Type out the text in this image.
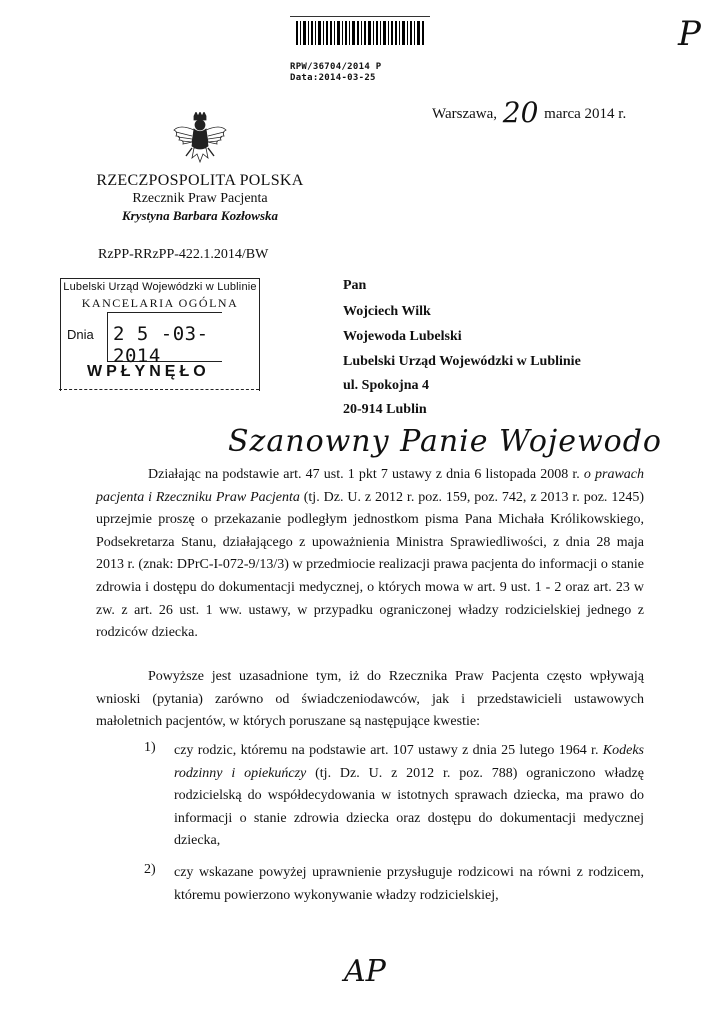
RPW/36704/2014 P
Data:2014-03-25
P
Warszawa, 20 marca 2014 r.
RZECZPOSPOLITA POLSKA
Rzecznik Praw Pacjenta
Krystyna Barbara Kozłowska
RzPP-RRzPP-422.1.2014/BW
Lubelski Urząd Wojewódzki w Lublinie
KANCELARIA OGÓLNA
Dnia 2 5 -03- 2014
WPŁYNĘŁO
Pan
Wojciech Wilk
Wojewoda Lubelski
Lubelski Urząd Wojewódzki w Lublinie
ul. Spokojna 4
20-914 Lublin
Szanowny Panie Wojewodo
Działając na podstawie art. 47 ust. 1 pkt 7 ustawy z dnia 6 listopada 2008 r. o prawach pacjenta i Rzeczniku Praw Pacjenta (tj. Dz. U. z 2012 r. poz. 159, poz. 742, z 2013 r. poz. 1245) uprzejmie proszę o przekazanie podległym jednostkom pisma Pana Michała Królikowskiego, Podsekretarza Stanu, działającego z upoważnienia Ministra Sprawiedliwości, z dnia 28 maja 2013 r. (znak: DPrC-I-072-9/13/3) w przedmiocie realizacji prawa pacjenta do informacji o stanie zdrowia i dostępu do dokumentacji medycznej, o których mowa w art. 9 ust. 1 - 2 oraz art. 23 w zw. z art. 26 ust. 1 ww. ustawy, w przypadku ograniczonej władzy rodzicielskiej jednego z rodziców dziecka.
Powyższe jest uzasadnione tym, iż do Rzecznika Praw Pacjenta często wpływają wnioski (pytania) zarówno od świadczeniodawców, jak i przedstawicieli ustawowych małoletnich pacjentów, w których poruszane są następujące kwestie:
1) czy rodzic, któremu na podstawie art. 107 ustawy z dnia 25 lutego 1964 r. Kodeks rodzinny i opiekuńczy (tj. Dz. U. z 2012 r. poz. 788) ograniczono władzę rodzicielską do współdecydowania w istotnych sprawach dziecka, ma prawo do informacji o stanie zdrowia dziecka oraz dostępu do dokumentacji medycznej dziecka,
2) czy wskazane powyżej uprawnienie przysługuje rodzicowi na równi z rodzicem, któremu powierzono wykonywanie władzy rodzicielskiej,
AP
